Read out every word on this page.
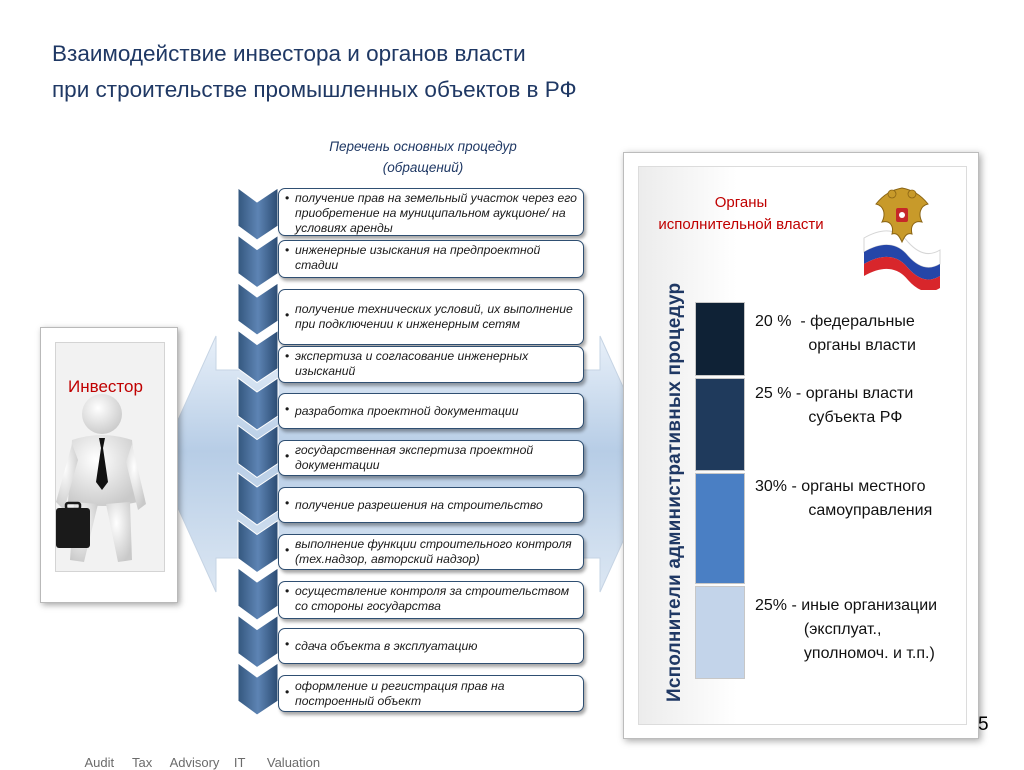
Взаимодействие инвестора и органов власти
при строительстве промышленных объектов в РФ
Инвестор
Перечень основных процедур
(обращений)
• получение прав на земельный участок через его приобретение на муниципальном аукционе/ на условиях аренды
• инженерные изыскания на предпроектной стадии
• получение технических условий, их выполнение при подключении к инженерным сетям
• экспертиза и согласование инженерных изысканий
• разработка проектной документации
• государственная экспертиза проектной документации
• получение разрешения на строительство
• выполнение функции строительного контроля (тех.надзор, авторский надзор)
• осуществление контроля за строительством со стороны государства
• сдача объекта в эксплуатацию
• оформление и регистрация прав на построенный объект
Органы
исполнительной власти
Исполнители административных процедур	20 %  - федеральные
органы власти
25 % - органы власти
субъекта РФ
30% - органы местного
самоуправления
25% - иные организации
(эксплуат.,
уполномоч. и т.п.)

Audit Tax Advisory IT Valuation

5
